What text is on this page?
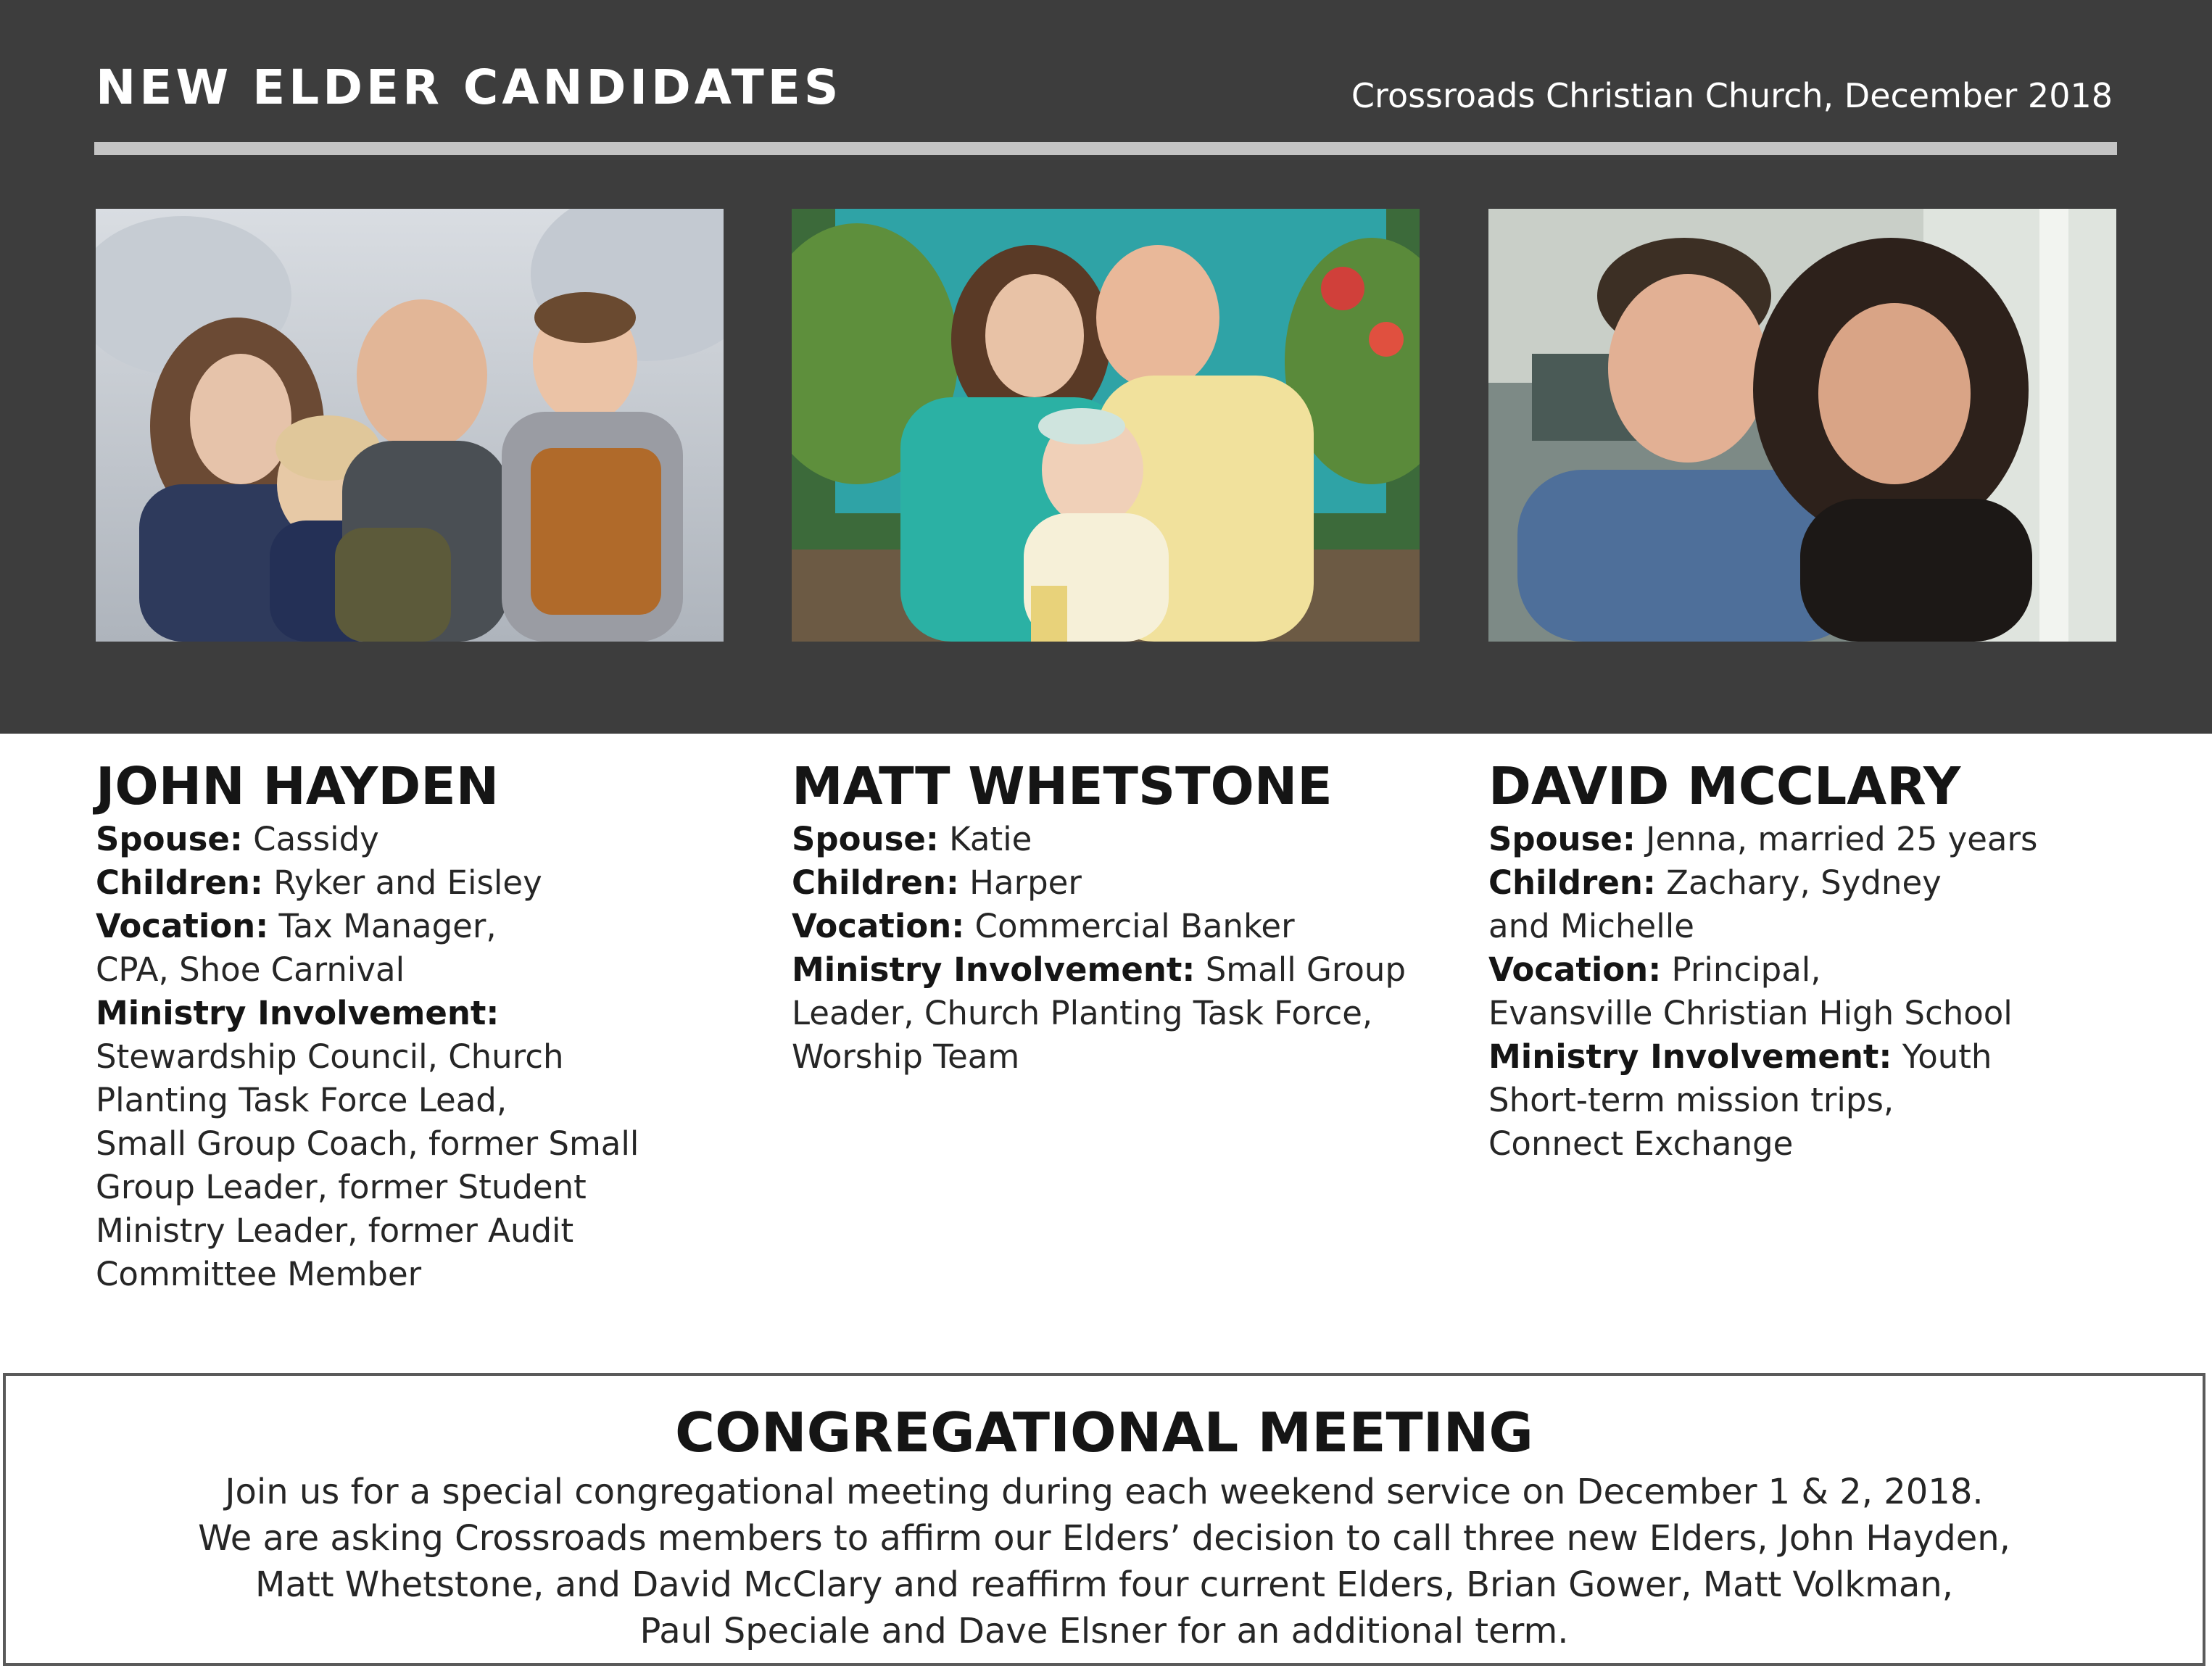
NEW ELDER CANDIDATES	Crossroads Christian Church, December 2018
JOHN HAYDEN
Spouse: Cassidy
Children: Ryker and Eisley
Vocation: Tax Manager,
CPA, Shoe Carnival
Ministry Involvement:
Stewardship Council, Church
Planting Task Force Lead,
Small Group Coach, former Small
Group Leader, former Student
Ministry Leader, former Audit
Committee Member
MATT WHETSTONE
Spouse: Katie
Children: Harper
Vocation: Commercial Banker
Ministry Involvement: Small Group
Leader, Church Planting Task Force,
Worship Team
DAVID MCCLARY
Spouse: Jenna, married 25 years
Children: Zachary, Sydney
and Michelle
Vocation: Principal,
Evansville Christian High School
Ministry Involvement: Youth
Short-term mission trips,
Connect Exchange
CONGREGATIONAL MEETING
Join us for a special congregational meeting during each weekend service on December 1 & 2, 2018.
We are asking Crossroads members to affirm our Elders’ decision to call three new Elders, John Hayden,
Matt Whetstone, and David McClary and reaffirm four current Elders, Brian Gower, Matt Volkman,
Paul Speciale and Dave Elsner for an additional term.
